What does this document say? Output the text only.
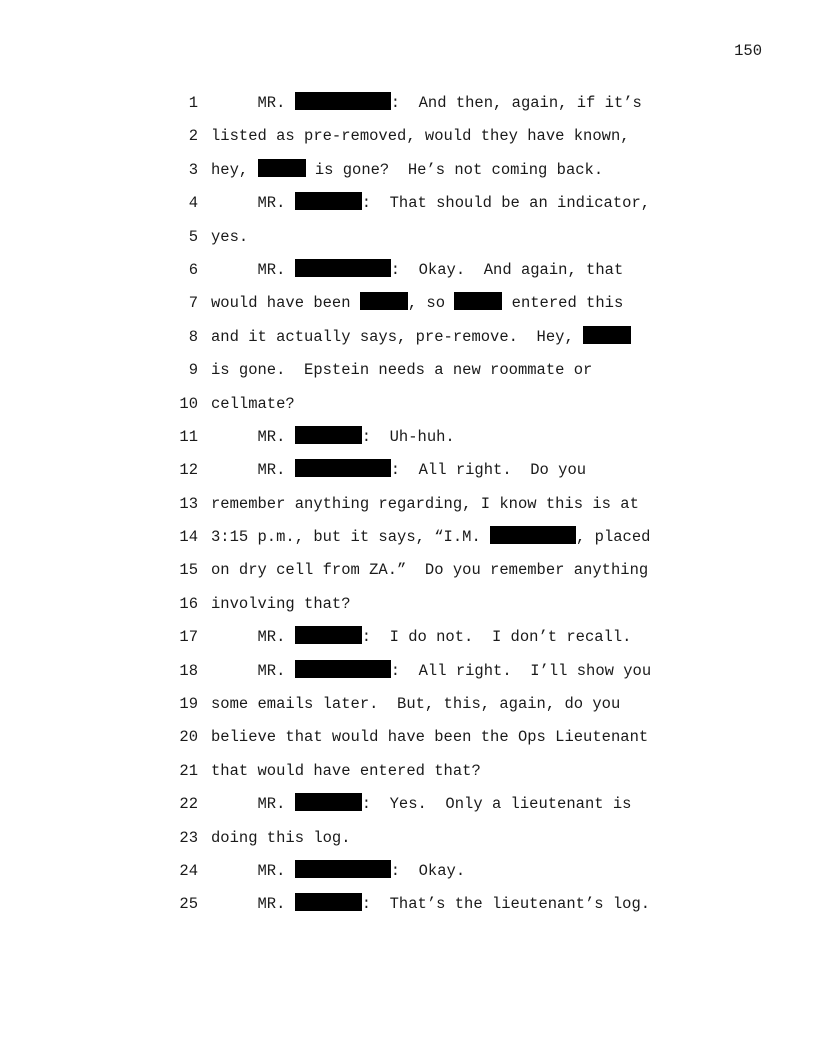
150
1 MR.	:  And then, again, if it’s
2 listed as pre-removed, would they have known,
3 hey,	is gone?  He’s not coming back.
4 MR.	:  That should be an indicator,
5 yes.
6 MR.	:  Okay.  And again, that
7 would have been	, so	entered this
8 and it actually says, pre-remove.  Hey,
9 is gone.  Epstein needs a new roommate or
10 cellmate?
11 MR.	:  Uh-huh.
12 MR.	:  All right.  Do you
13 remember anything regarding, I know this is at
14 3:15 p.m., but it says, “I.M.	, placed
15 on dry cell from ZA.”  Do you remember anything
16 involving that?
17 MR.	:  I do not.  I don’t recall.
18 MR.	:  All right.  I’ll show you
19 some emails later.  But, this, again, do you
20 believe that would have been the Ops Lieutenant
21 that would have entered that?
22 MR.	:  Yes.  Only a lieutenant is
23 doing this log.
24 MR.	:  Okay.
25 MR.	:  That’s the lieutenant’s log.
